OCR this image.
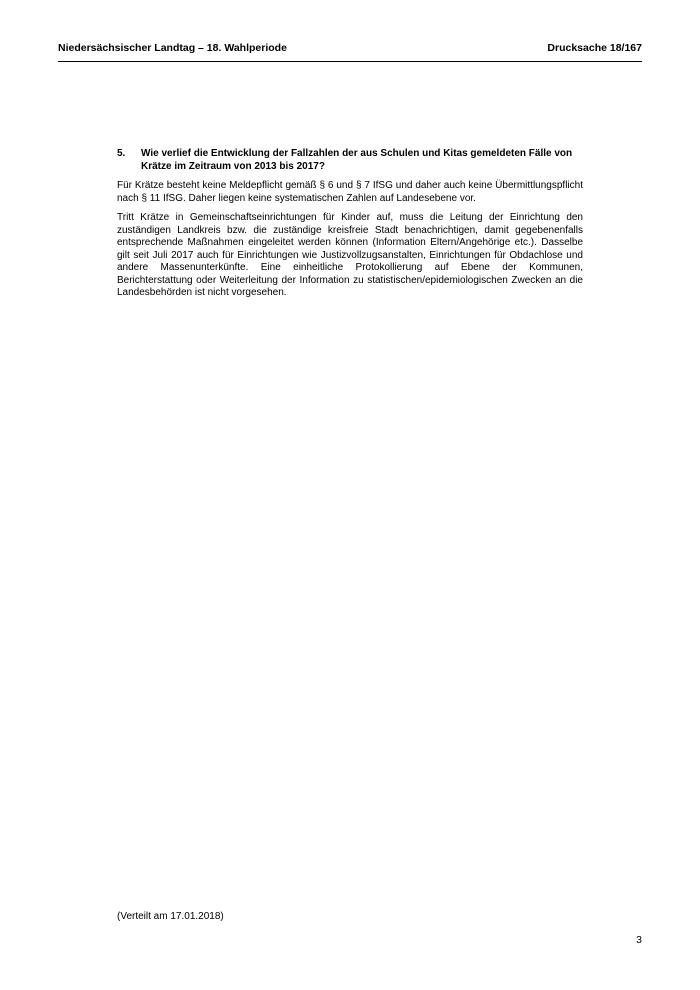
Niedersächsischer Landtag – 18. Wahlperiode	Drucksache 18/167
5.	Wie verlief die Entwicklung der Fallzahlen der aus Schulen und Kitas gemeldeten Fälle von Krätze im Zeitraum von 2013 bis 2017?

Für Krätze besteht keine Meldepflicht gemäß § 6 und § 7 IfSG und daher auch keine Übermittlungspflicht nach § 11 IfSG. Daher liegen keine systematischen Zahlen auf Landesebene vor.

Tritt Krätze in Gemeinschaftseinrichtungen für Kinder auf, muss die Leitung der Einrichtung den zuständigen Landkreis bzw. die zuständige kreisfreie Stadt benachrichtigen, damit gegebenenfalls entsprechende Maßnahmen eingeleitet werden können (Information Eltern/Angehörige etc.). Dasselbe gilt seit Juli 2017 auch für Einrichtungen wie Justizvollzugsanstalten, Einrichtungen für Obdachlose und andere Massenunterkünfte. Eine einheitliche Protokollierung auf Ebene der Kommunen, Berichterstattung oder Weiterleitung der Information zu statistischen/epidemiologischen Zwecken an die Landesbehörden ist nicht vorgesehen.

(Verteilt am 17.01.2018)
3
